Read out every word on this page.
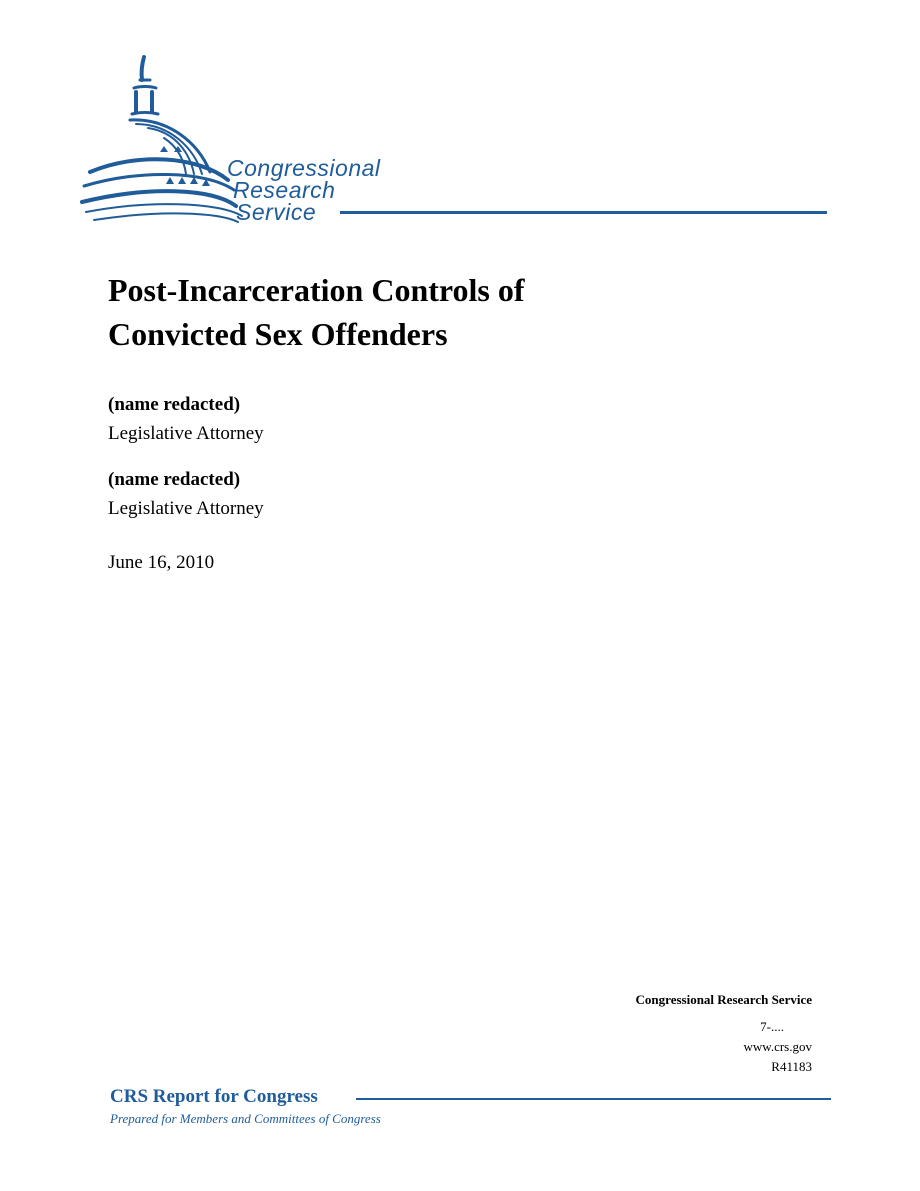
Congressional
Research
Service
Post-Incarceration Controls of
Convicted Sex Offenders
(name redacted)
Legislative Attorney
(name redacted)
Legislative Attorney
June 16, 2010
Congressional Research Service
7-....
www.crs.gov
R41183
CRS Report for Congress
Prepared for Members and Committees of Congress
